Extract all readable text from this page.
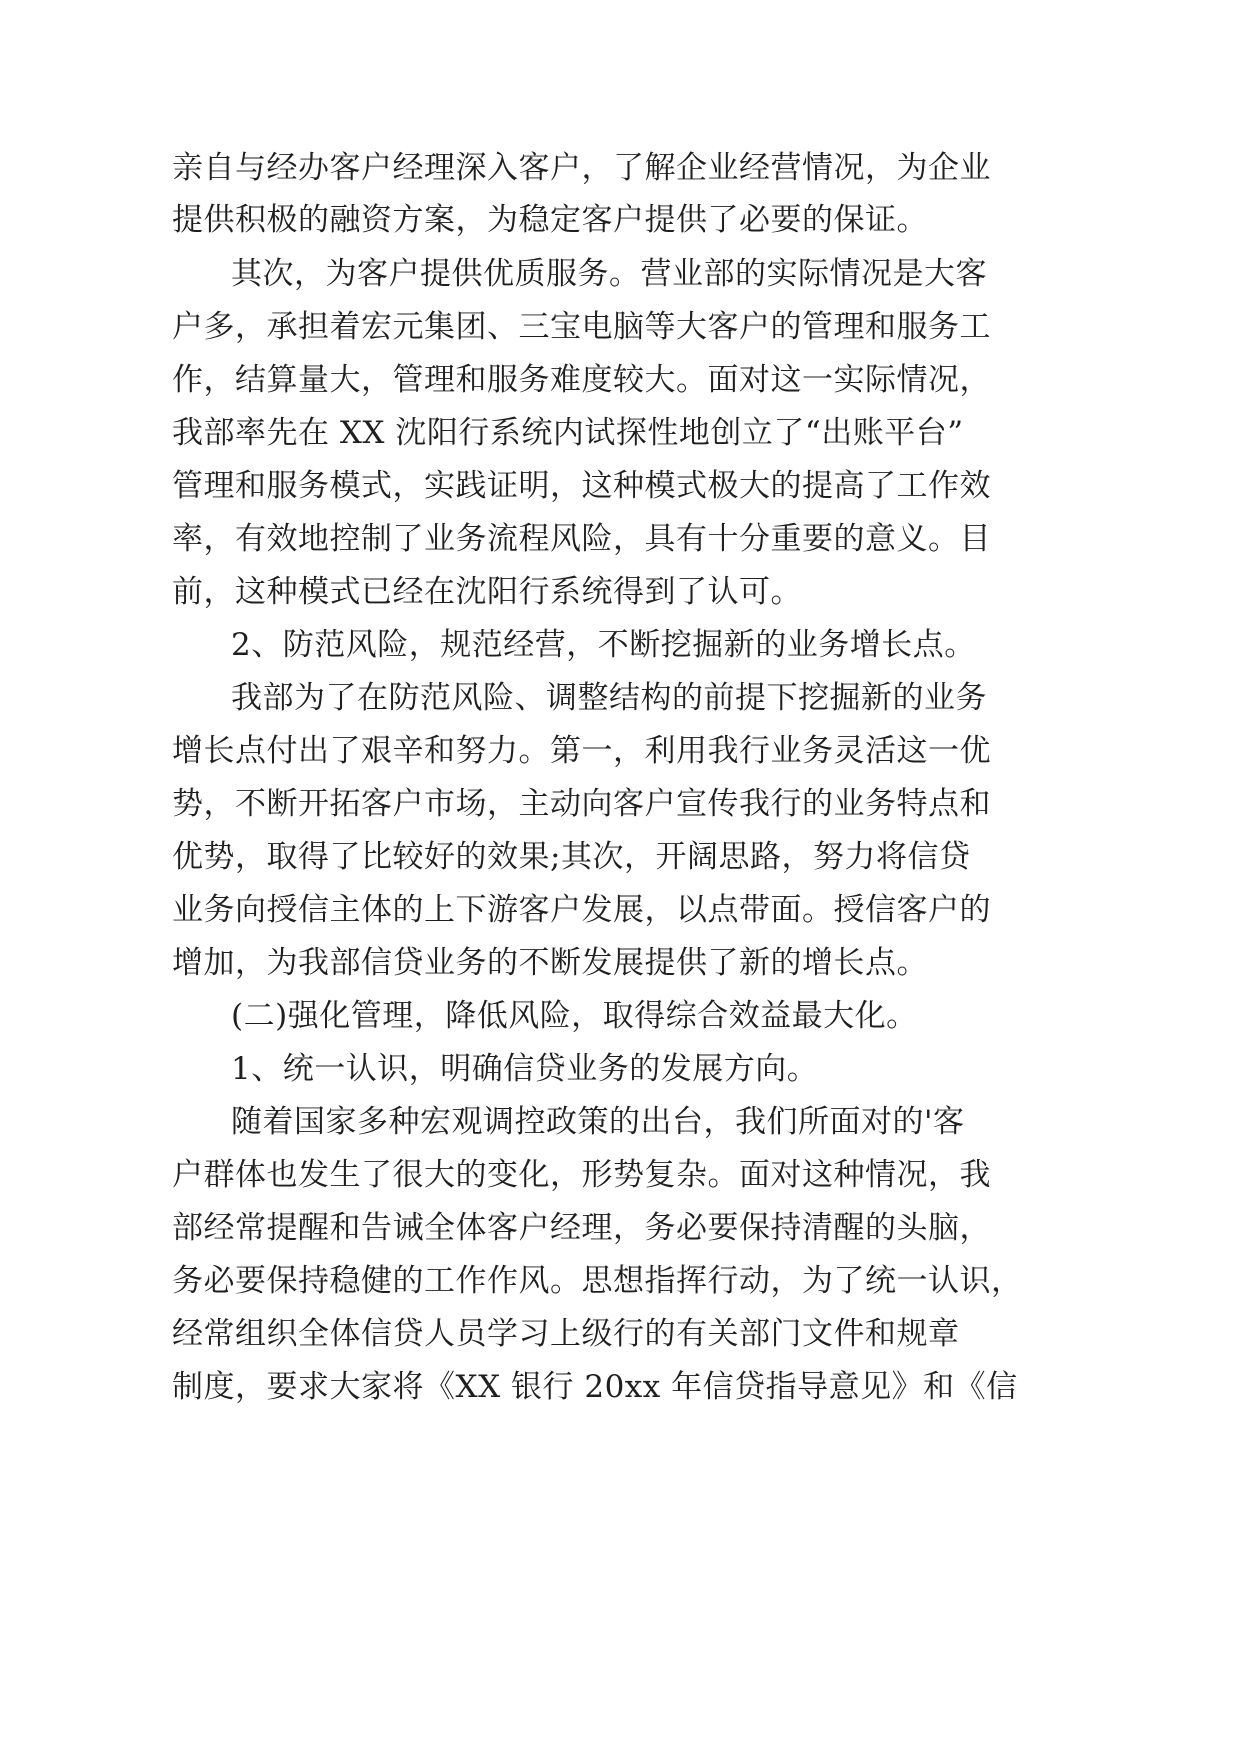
亲自与经办客户经理深入客户，了解企业经营情况，为企业
提供积极的融资方案，为稳定客户提供了必要的保证。
其次，为客户提供优质服务。营业部的实际情况是大客
户多，承担着宏元集团、三宝电脑等大客户的管理和服务工
作，结算量大，管理和服务难度较大。面对这一实际情况，
我部率先在 XX 沈阳行系统内试探性地创立了“出账平台”
管理和服务模式，实践证明，这种模式极大的提高了工作效
率，有效地控制了业务流程风险，具有十分重要的意义。目
前，这种模式已经在沈阳行系统得到了认可。
2、防范风险，规范经营，不断挖掘新的业务增长点。
我部为了在防范风险、调整结构的前提下挖掘新的业务
增长点付出了艰辛和努力。第一，利用我行业务灵活这一优
势，不断开拓客户市场，主动向客户宣传我行的业务特点和
优势，取得了比较好的效果;其次，开阔思路，努力将信贷
业务向授信主体的上下游客户发展，以点带面。授信客户的
增加，为我部信贷业务的不断发展提供了新的增长点。
(二)强化管理，降低风险，取得综合效益最大化。
1、统一认识，明确信贷业务的发展方向。
随着国家多种宏观调控政策的出台，我们所面对的'客
户群体也发生了很大的变化，形势复杂。面对这种情况，我
部经常提醒和告诫全体客户经理，务必要保持清醒的头脑，
务必要保持稳健的工作作风。思想指挥行动，为了统一认识，
经常组织全体信贷人员学习上级行的有关部门文件和规章
制度，要求大家将《XX 银行 20xx 年信贷指导意见》和《信
